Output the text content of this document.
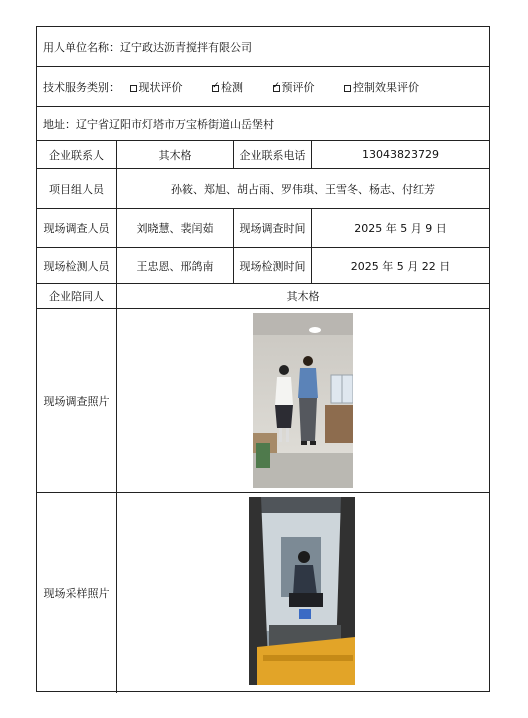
用人单位名称：辽宁政达沥青搅拌有限公司
技术服务类别： 现状评价 ✓	检测 ✓	预评价	控制效果评价
地址：辽宁省辽阳市灯塔市万宝桥街道山岳堡村
企业联系人	其木格	企业联系电话	13043823729
项目组人员	孙筱、郑旭、胡占雨、罗伟琪、王雪冬、杨志、付红芳
现场调查人员	刘晓慧、裴闰茹	现场调查时间	2025 年 5 月 9 日
现场检测人员	王忠恩、邢鸽南	现场检测时间	2025 年 5 月 22 日
企业陪同人	其木格
现场调查照片
现场采样照片
